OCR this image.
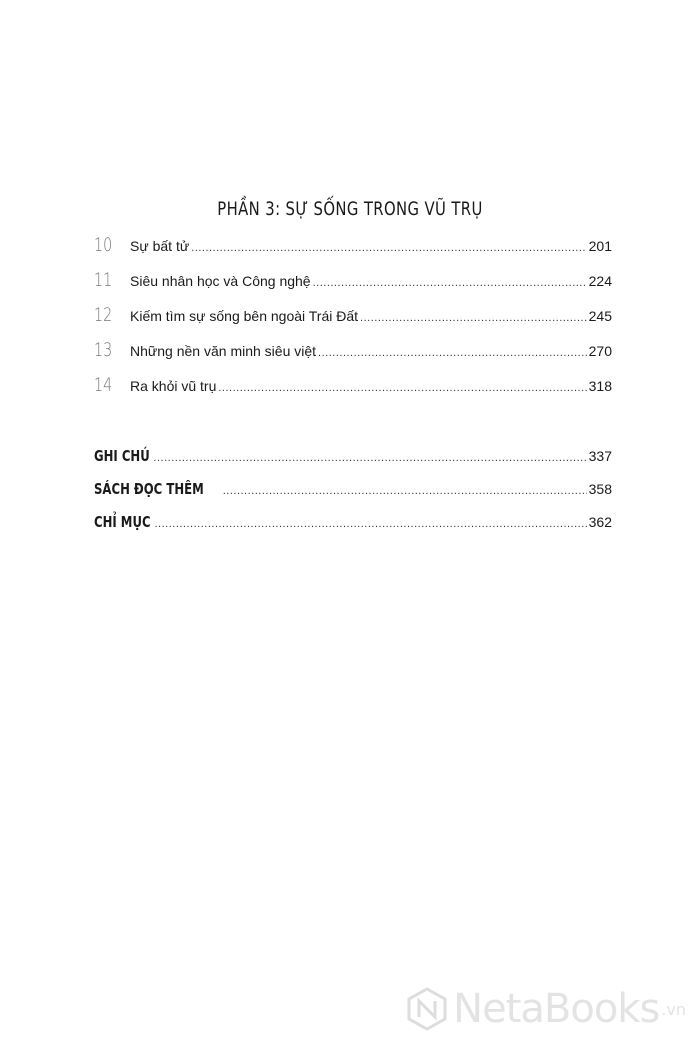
PHẦN 3: SỰ SỐNG TRONG VŨ TRỤ
10	Sự bất tử .....	201
11	Siêu nhân học và Công nghệ .....	224
12	Kiếm tìm sự sống bên ngoài Trái Đất .....	245
13	Những nền văn minh siêu việt .....	270
14	Ra khỏi vũ trụ .....	318
GHI CHÚ .....	337
SÁCH ĐỌC THÊM .....	358
CHỈ MỤC .....	362
NetaBooks .vn
